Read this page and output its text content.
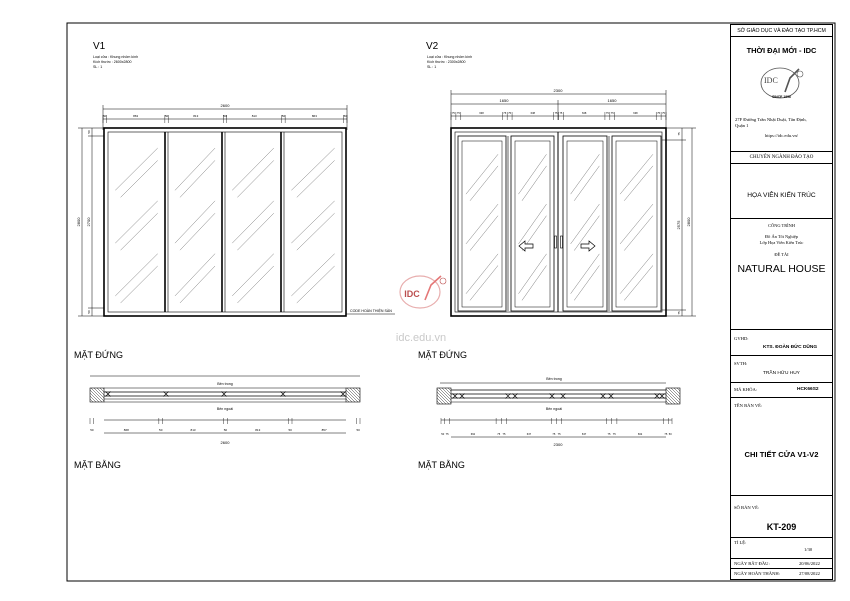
V1
Loại cửa : Khung nhôm kính
Kích thước : 2600x2800
SL : 1
2600
50	863	50	813	50	813	50	863	50
2800 2700
50
50	CODE HOÀN THIỆN SÀN
MẶT ĐỨNG
Bên trong
Bên ngoài
50	868	50	813	50	813	50	857	50
2600
MẶT BẰNG
V2
Loại cửa : Khung nhôm kính
Kích thước : 2300x2800
SL : 1
2300
1650	1650
75 75	638	75 75	638	75 75	638	75 75	638	75 75
2800
2575
75
75
MẶT ĐỨNG
Bên trong
Bên ngoài
50 75	662	75 75	637	75 75	637	75 75	662	75 50
2300
MẶT BẰNG
IDC
idc.edu.vn
SỞ GIÁO DỤC VÀ ĐÀO TẠO TP.HCM
THỜI ĐẠI MỚI - IDC
IDC
SINCE 1996
27F Đường Trần Nhật Duật, Tân Định,
Quận 1
https://idc.edu.vn/
CHUYÊN NGÀNH ĐÀO TẠO
HỌA VIÊN KIẾN TRÚC
CÔNG TRÌNH
Đồ Án Tốt Nghiệp
Lớp Họa Viên Kiến Trúc
ĐỀ TÀI
NATURAL HOUSE
GVHD:
KTS. ĐOÀN ĐỨC DŨNG
SVTH:
TRẦN HỮU HUY
MÃ KHÓA:	HCK66S2
TÊN BẢN VẼ:
CHI TIẾT CỬA V1-V2
SỐ BẢN VẼ:
KT-209
TỈ LỆ:
1/30
NGÀY BẮT ĐẦU:	20/06/2022
NGÀY HOÀN THÀNH:	27/08/2022
